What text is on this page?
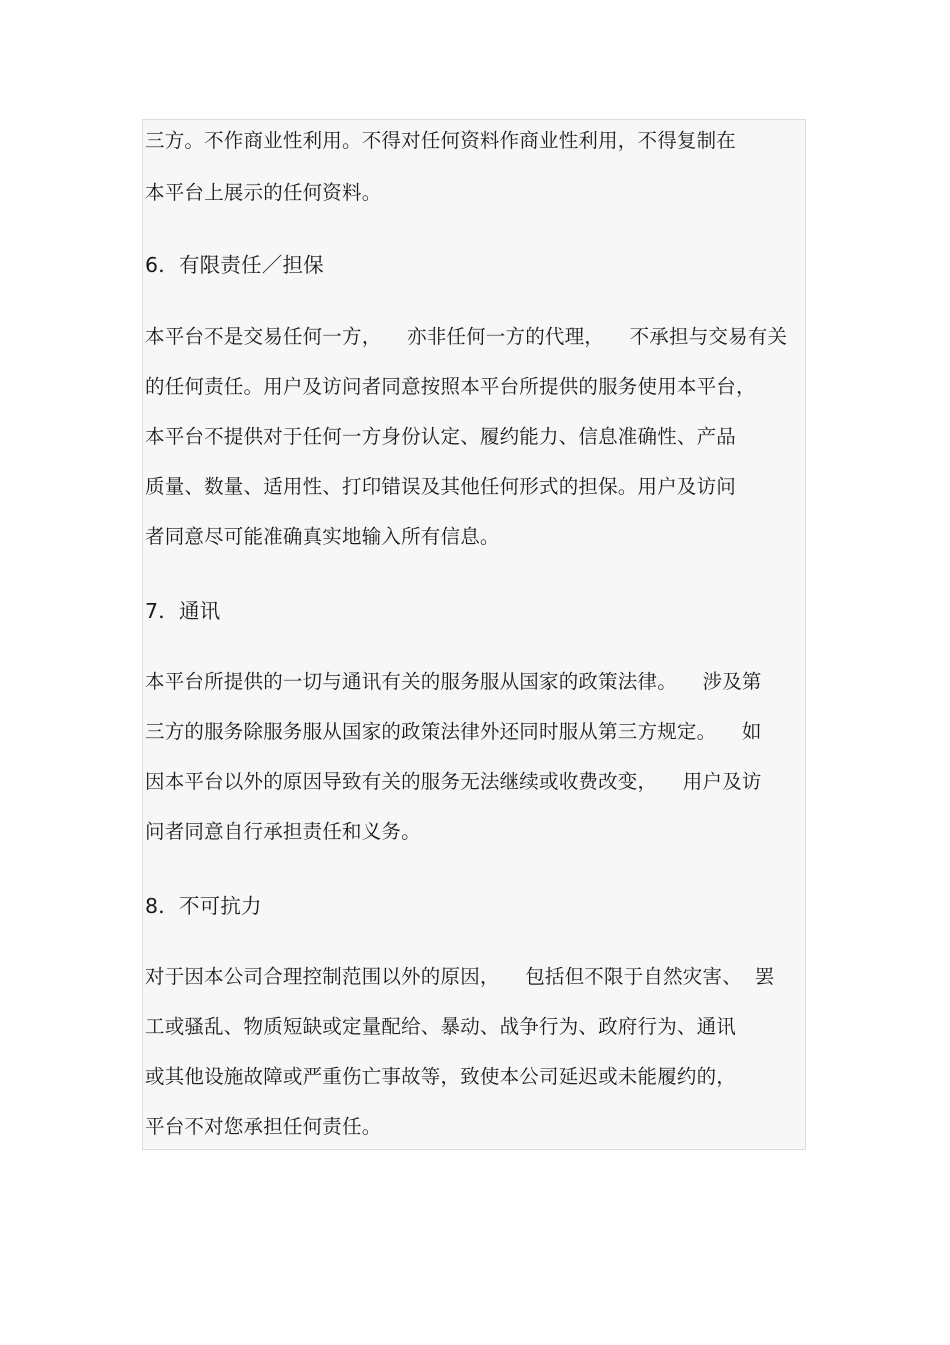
三方。不作商业性利用。不得对任何资料作商业性利用，不得复制在
本平台上展示的任何资料。
6．有限责任／担保
本平台不是交易任何一方，    亦非任何一方的代理，    不承担与交易有关
的任何责任。用户及访问者同意按照本平台所提供的服务使用本平台，
本平台不提供对于任何一方身份认定、履约能力、信息准确性、产品
质量、数量、适用性、打印错误及其他任何形式的担保。用户及访问
者同意尽可能准确真实地输入所有信息。
7．通讯
本平台所提供的一切与通讯有关的服务服从国家的政策法律。    涉及第
三方的服务除服务服从国家的政策法律外还同时服从第三方规定。    如
因本平台以外的原因导致有关的服务无法继续或收费改变，    用户及访
问者同意自行承担责任和义务。
8．不可抗力
对于因本公司合理控制范围以外的原因，    包括但不限于自然灾害、  罢
工或骚乱、物质短缺或定量配给、暴动、战争行为、政府行为、通讯
或其他设施故障或严重伤亡事故等，致使本公司延迟或未能履约的，
平台不对您承担任何责任。
